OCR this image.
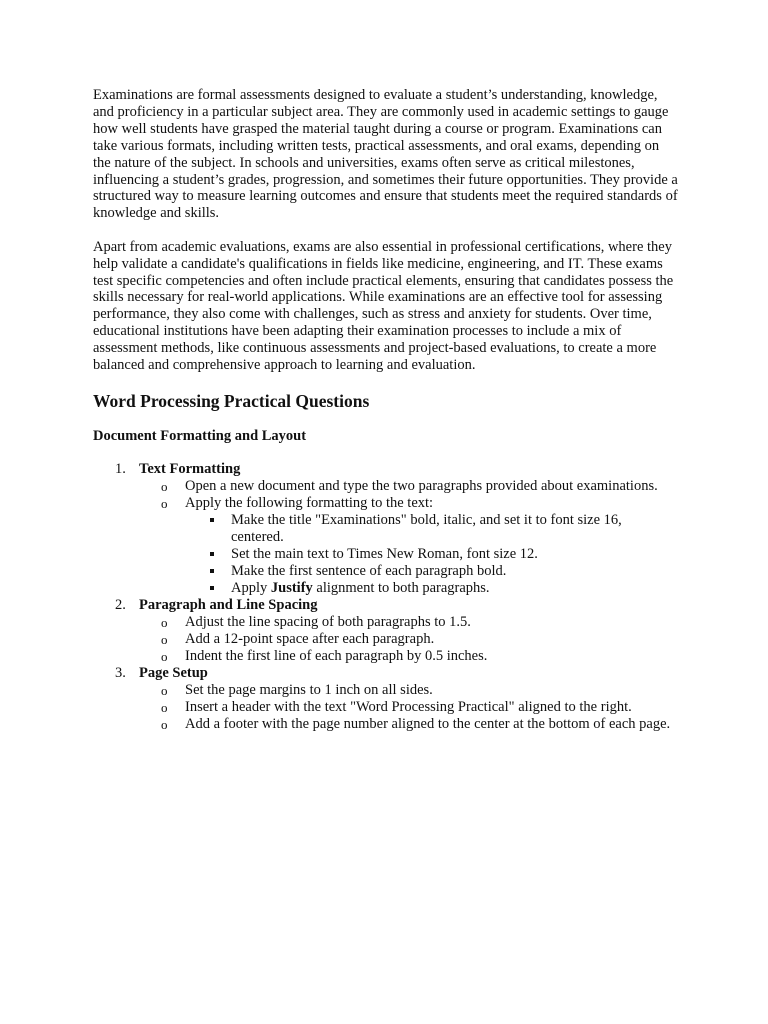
Examinations are formal assessments designed to evaluate a student’s understanding, knowledge, and proficiency in a particular subject area. They are commonly used in academic settings to gauge how well students have grasped the material taught during a course or program. Examinations can take various formats, including written tests, practical assessments, and oral exams, depending on the nature of the subject. In schools and universities, exams often serve as critical milestones, influencing a student’s grades, progression, and sometimes their future opportunities. They provide a structured way to measure learning outcomes and ensure that students meet the required standards of knowledge and skills.

Apart from academic evaluations, exams are also essential in professional certifications, where they help validate a candidate's qualifications in fields like medicine, engineering, and IT. These exams test specific competencies and often include practical elements, ensuring that candidates possess the skills necessary for real-world applications. While examinations are an effective tool for assessing performance, they also come with challenges, such as stress and anxiety for students. Over time, educational institutions have been adapting their examination processes to include a mix of assessment methods, like continuous assessments and project-based evaluations, to create a more balanced and comprehensive approach to learning and evaluation.

Word Processing Practical Questions
Document Formatting and Layout
1. Text Formatting
o Open a new document and type the two paragraphs provided about examinations.
o Apply the following formatting to the text:
Make the title "Examinations" bold, italic, and set it to font size 16, centered.
Set the main text to Times New Roman, font size 12.
Make the first sentence of each paragraph bold.
Apply Justify alignment to both paragraphs.
2. Paragraph and Line Spacing
o Adjust the line spacing of both paragraphs to 1.5.
o Add a 12-point space after each paragraph.
o Indent the first line of each paragraph by 0.5 inches.
3. Page Setup
o Set the page margins to 1 inch on all sides.
o Insert a header with the text "Word Processing Practical" aligned to the right.
o Add a footer with the page number aligned to the center at the bottom of each page.
